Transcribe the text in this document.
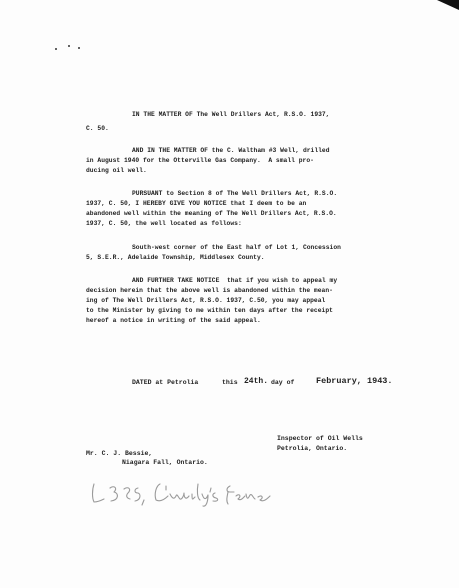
IN THE MATTER OF The Well Drillers Act, R.S.O. 1937,
C. 50.
AND IN THE MATTER OF the C. Waltham #3 Well, drilled
in August 1940 for the Otterville Gas Company.  A small pro-
ducing oil well.
PURSUANT to Section 8 of The Well Drillers Act, R.S.O.
1937, C. 50, I HEREBY GIVE YOU NOTICE that I deem to be an
abandoned well within the meaning of The Well Drillers Act, R.S.O.
1937, C. 50, the well located as follows:
South-west corner of the East half of Lot 1, Concession
5, S.E.R., Adelaide Township, Middlesex County.
AND FURTHER TAKE NOTICE  that if you wish to appeal my
decision herein that the above well is abandoned within the mean-
ing of The Well Drillers Act, R.S.O. 1937, C.50, you may appeal
to the Minister by giving to me within ten days after the receipt
hereof a notice in writing of the said appeal.
DATED at Petrolia	this 24th. day of	February, 1943.
Inspector of Oil Wells
Petrolia, Ontario.
Mr. C. J. Bessie,
Niagara Fall, Ontario.
